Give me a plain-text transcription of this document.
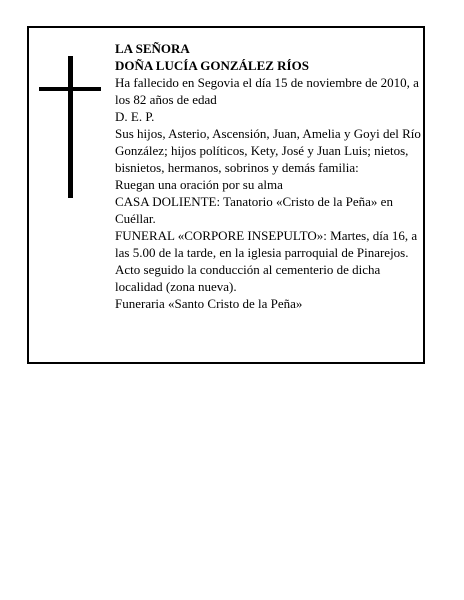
LA SEÑORA

DOÑA LUCÍA GONZÁLEZ RÍOS

Ha fallecido en Segovia el día 15 de noviembre de 2010, a los 82 años de edad

D. E. P.

Sus hijos, Asterio, Ascensión, Juan, Amelia y Goyi del Río González; hijos políticos, Kety, José y Juan Luis; nietos, bisnietos, hermanos, sobrinos y demás familia:

Ruegan una oración por su alma

CASA DOLIENTE: Tanatorio «Cristo de la Peña» en Cuéllar.

FUNERAL «CORPORE INSEPULTO»: Martes, día 16, a las 5.00 de la tarde, en la iglesia parroquial de Pinarejos. Acto seguido la conducción al cementerio de dicha localidad (zona nueva).

Funeraria «Santo Cristo de la Peña»
